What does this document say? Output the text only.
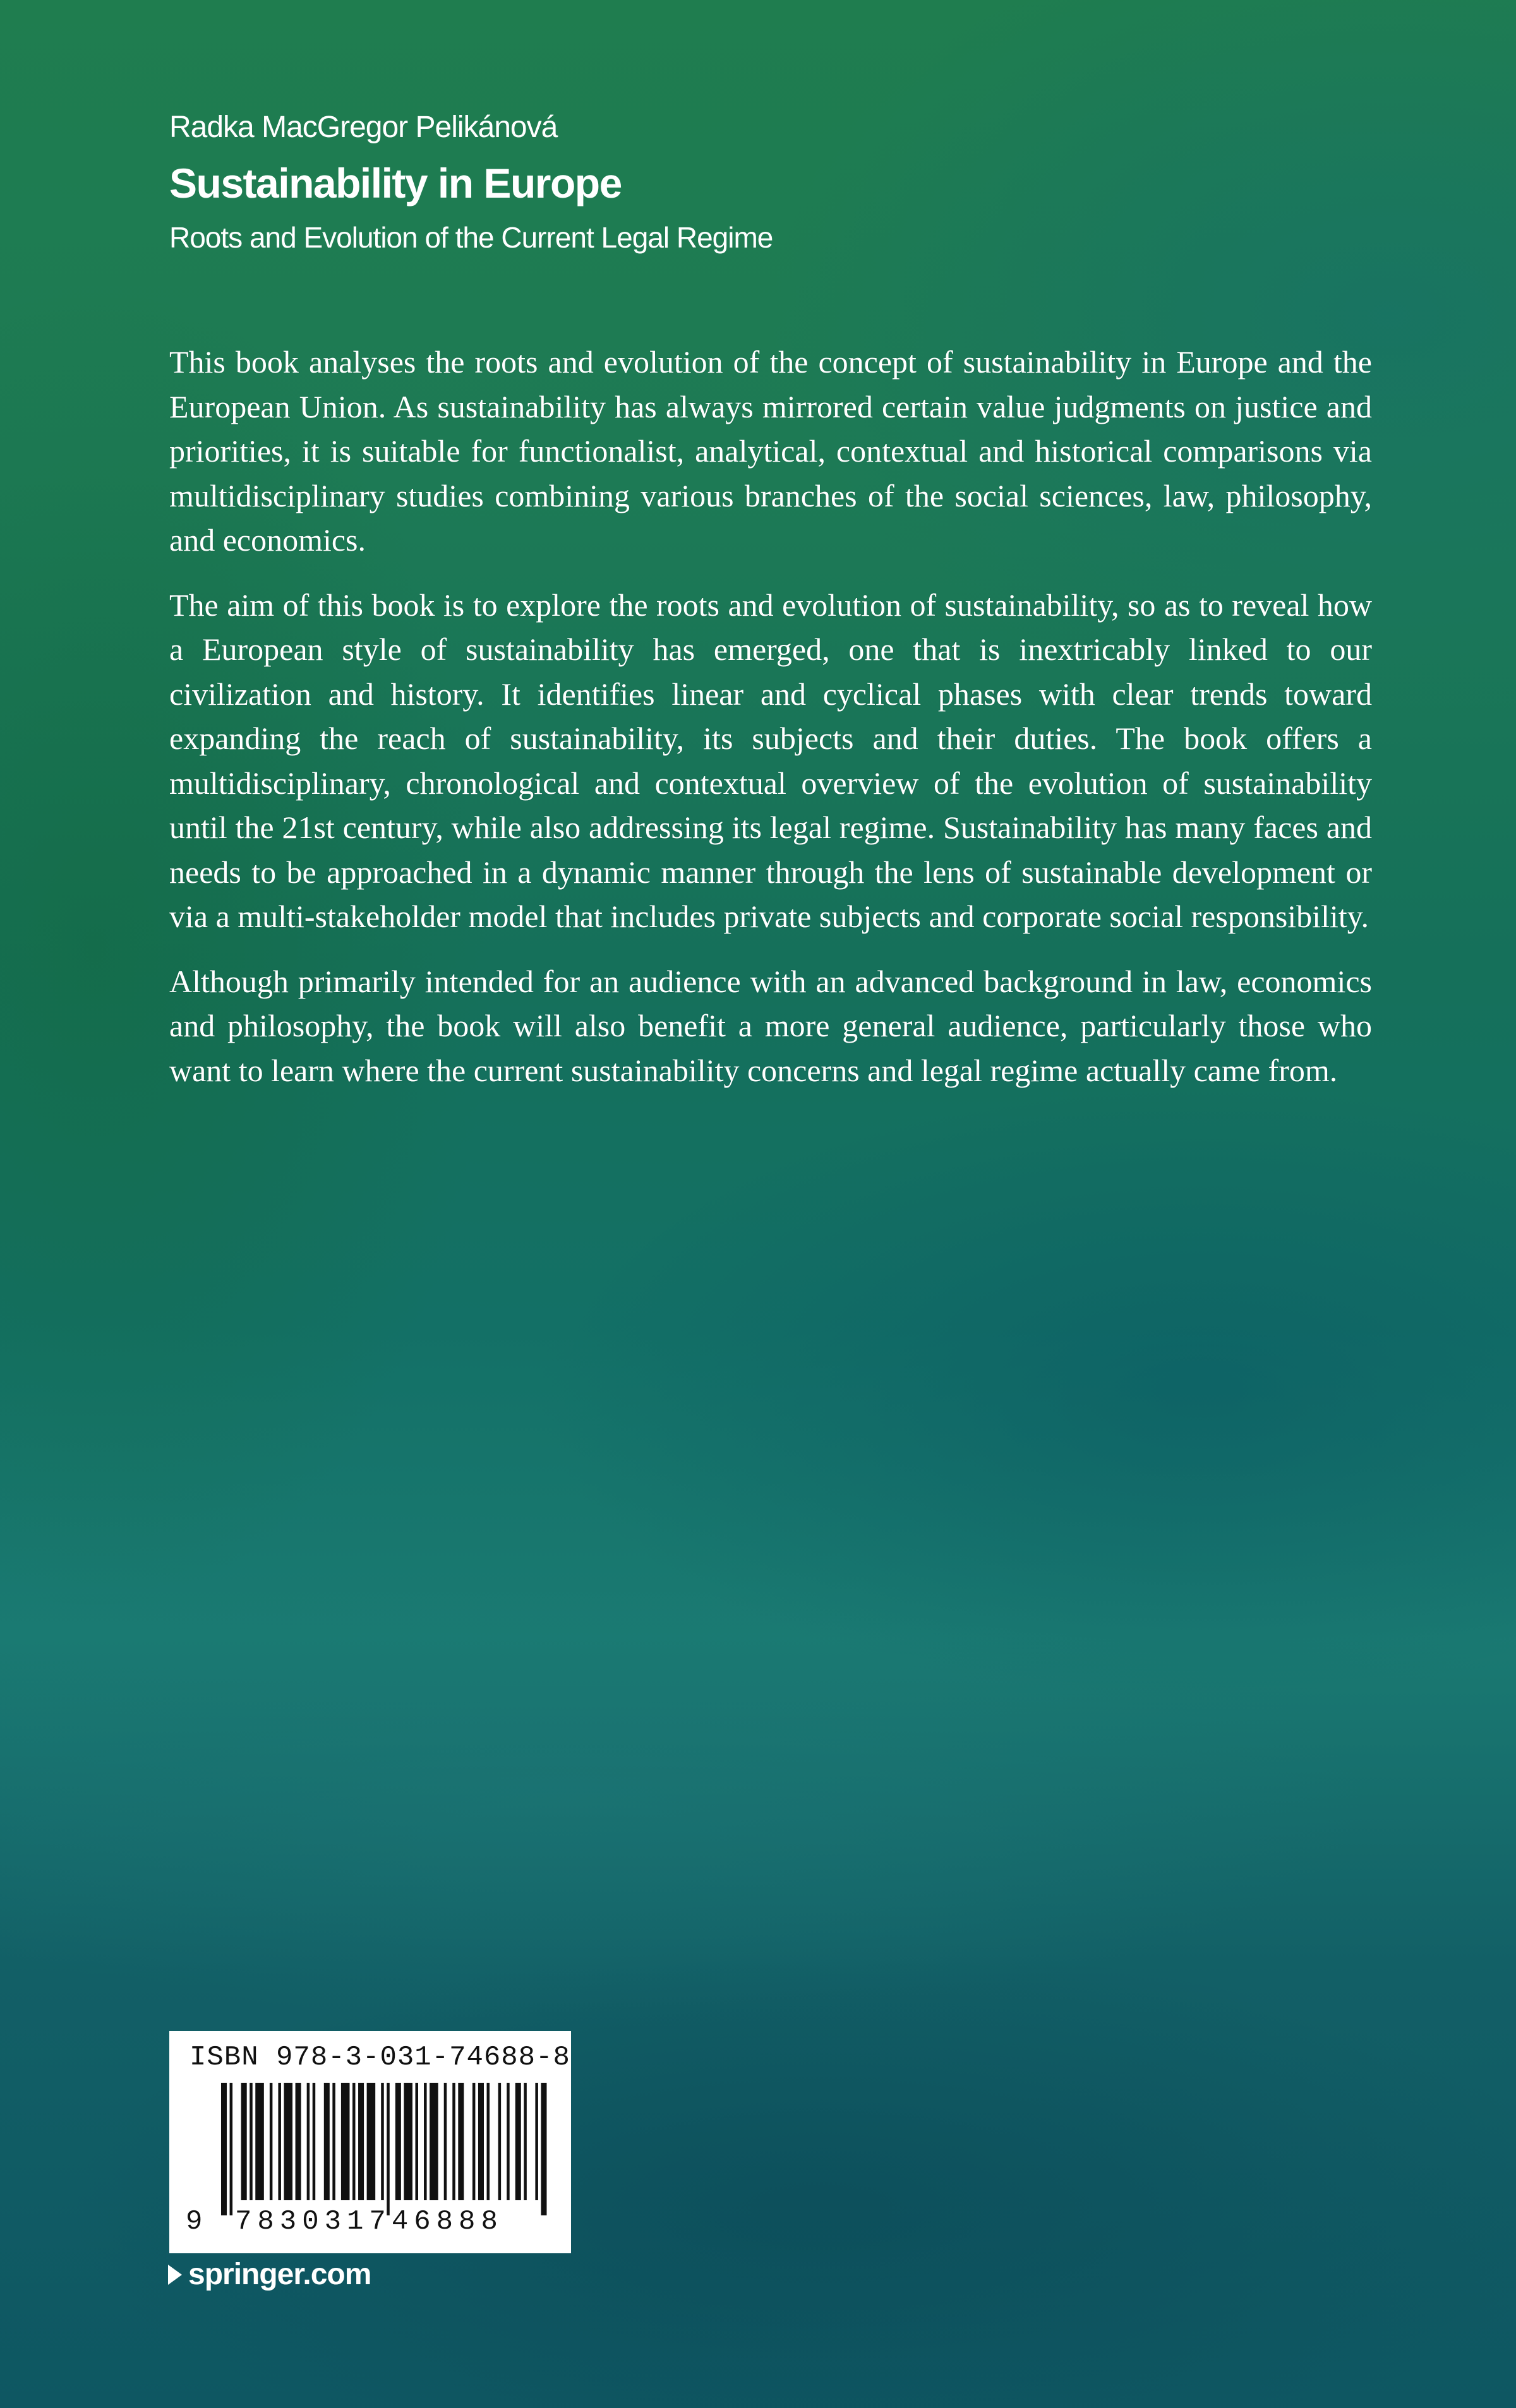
Radka MacGregor Pelikánová
Sustainability in Europe
Roots and Evolution of the Current Legal Regime

This book analyses the roots and evolution of the concept of sustainability in Europe and the European Union. As sustainability has always mirrored certain value judgments on justice and priorities, it is suitable for functionalist, analytical, contextual and historical comparisons via multidisciplinary studies combining various branches of the social sciences, law, philosophy, and economics.

The aim of this book is to explore the roots and evolution of sustainability, so as to reveal how a European style of sustainability has emerged, one that is inextricably linked to our civilization and history. It identifies linear and cyclical phases with clear trends toward expanding the reach of sustainability, its subjects and their duties. The book offers a multidisciplinary, chronological and contextual overview of the evolution of sustainability until the 21st century, while also addressing its legal regime. Sustainability has many faces and needs to be approached in a dynamic manner through the lens of sustainable development or via a multi-stakeholder model that includes private subjects and corporate social responsibility.

Although primarily intended for an audience with an advanced background in law, economics and philosophy, the book will also benefit a more general audience, particularly those who want to learn where the current sustainability concerns and legal regime actually came from.

ISBN 978-3-031-74688-8
9 783031746888
springer.com
